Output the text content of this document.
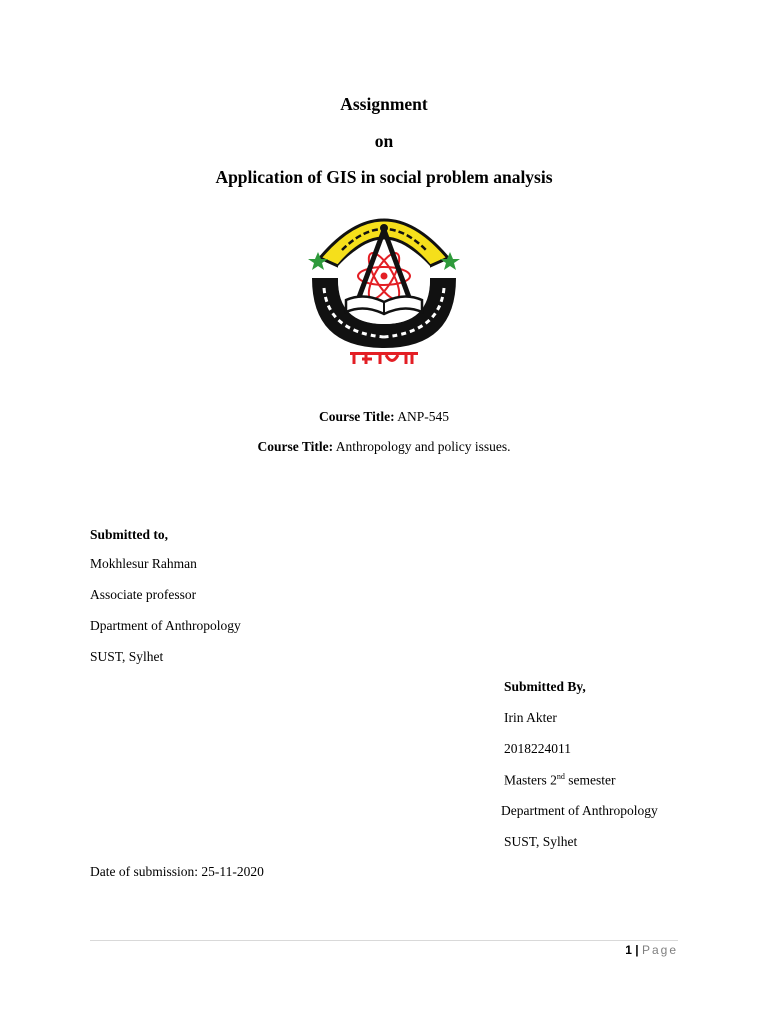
Assignment
on
Application of GIS in social problem analysis
Course Title: ANP-545
Course Title: Anthropology and policy issues.
Submitted to,
Mokhlesur Rahman
Associate professor
Dpartment of Anthropology
SUST, Sylhet
Submitted By,
Irin Akter
2018224011
Masters 2nd semester
Department of Anthropology
SUST, Sylhet
Date of submission: 25-11-2020
1 | Page
